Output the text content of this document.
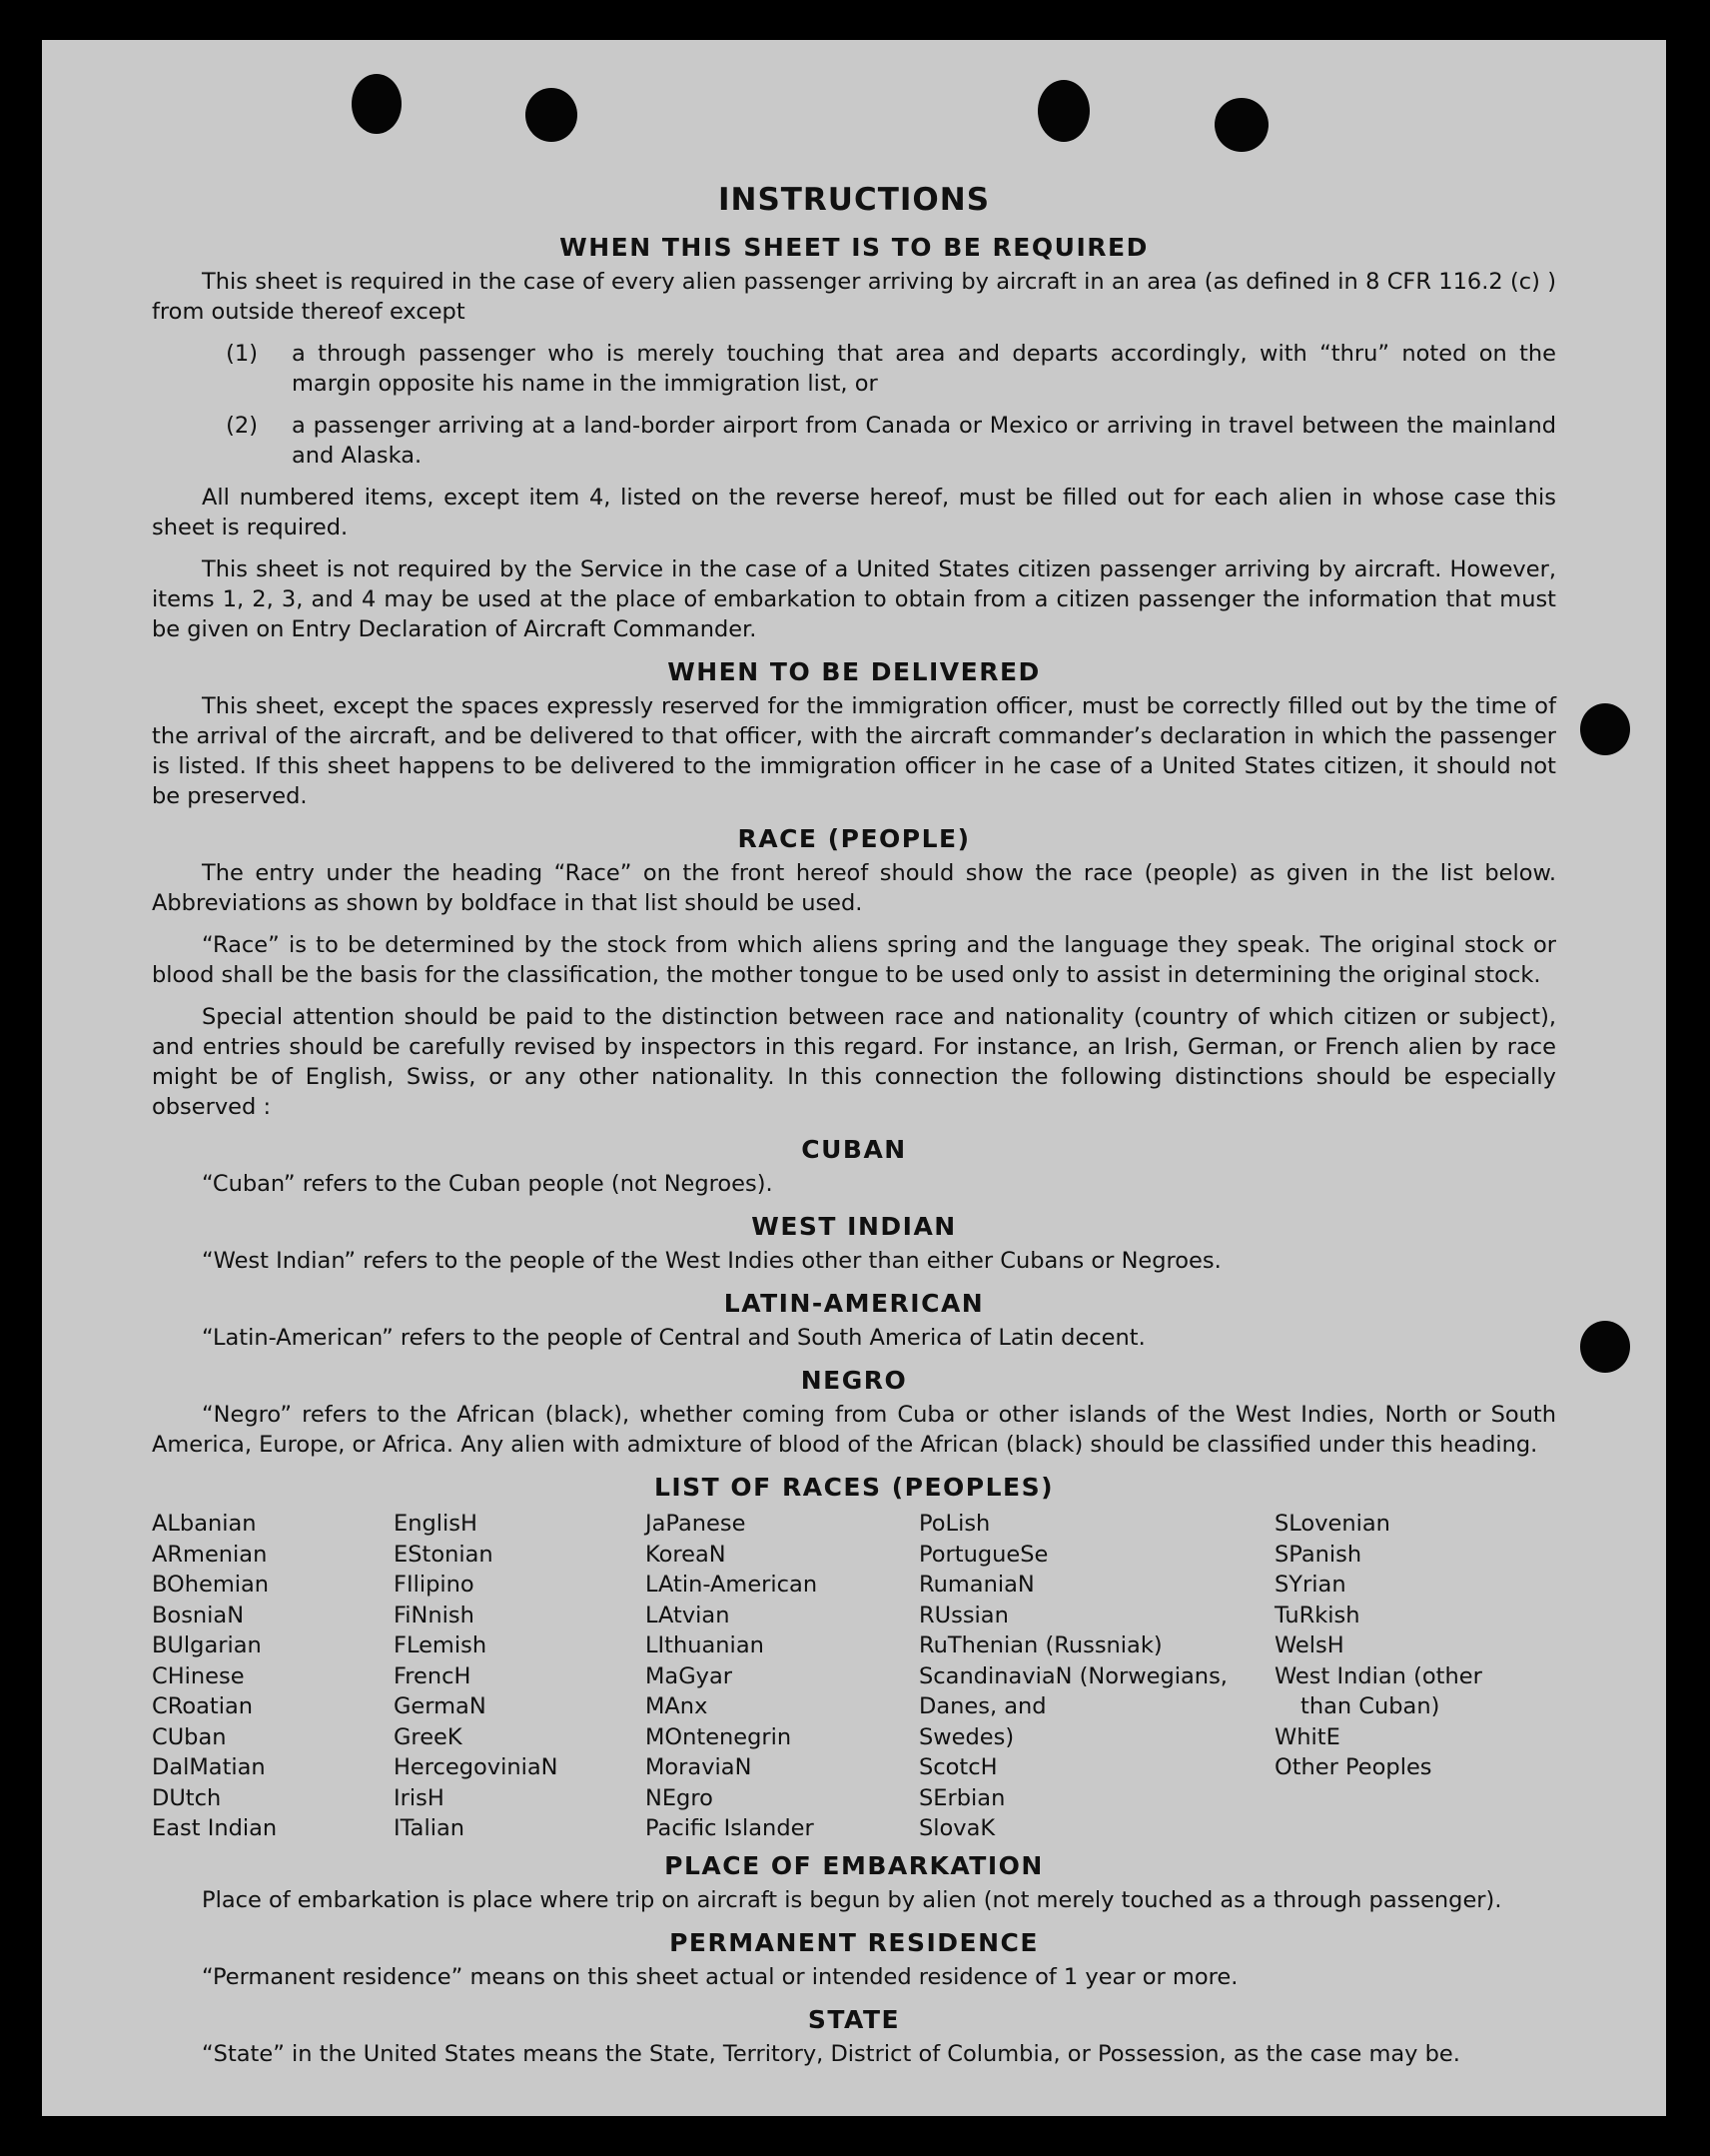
INSTRUCTIONS
WHEN THIS SHEET IS TO BE REQUIRED

This sheet is required in the case of every alien passenger arriving by aircraft in an area (as defined in 8 CFR 116.2 (c) ) from outside thereof except

(1)	a through passenger who is merely touching that area and departs accordingly, with “thru” noted on the margin opposite his name in the immigration list, or
(2)	a passenger arriving at a land-border airport from Canada or Mexico or arriving in travel between the mainland and Alaska.

All numbered items, except item 4, listed on the reverse hereof, must be filled out for each alien in whose case this sheet is required.

This sheet is not required by the Service in the case of a United States citizen passenger arriving by aircraft. However, items 1, 2, 3, and 4 may be used at the place of embarkation to obtain from a citizen passenger the information that must be given on Entry Declaration of Aircraft Commander.

WHEN TO BE DELIVERED

This sheet, except the spaces expressly reserved for the immigration officer, must be correctly filled out by the time of the arrival of the aircraft, and be delivered to that officer, with the aircraft commander’s declaration in which the passenger is listed. If this sheet happens to be delivered to the immigration officer in he case of a United States citizen, it should not be preserved.

RACE (PEOPLE)

The entry under the heading “Race” on the front hereof should show the race (people) as given in the list below. Abbreviations as shown by boldface in that list should be used.

“Race” is to be determined by the stock from which aliens spring and the language they speak. The original stock or blood shall be the basis for the classification, the mother tongue to be used only to assist in determining the original stock.

Special attention should be paid to the distinction between race and nationality (country of which citizen or subject), and entries should be carefully revised by inspectors in this regard. For instance, an Irish, German, or French alien by race might be of English, Swiss, or any other nationality. In this connection the following distinctions should be especially observed :

CUBAN

“Cuban” refers to the Cuban people (not Negroes).

WEST INDIAN

“West Indian” refers to the people of the West Indies other than either Cubans or Negroes.

LATIN-AMERICAN

“Latin-American” refers to the people of Central and South America of Latin decent.

NEGRO

“Negro” refers to the African (black), whether coming from Cuba or other islands of the West Indies, North or South America, Europe, or Africa. Any alien with admixture of blood of the African (black) should be classified under this heading.

LIST OF RACES (PEOPLES)
ALbanian
ARmenian
BOhemian
BosniaN
BUlgarian
CHinese
CRoatian
CUban
DalMatian
DUtch
East Indian
EnglisH
EStonian
FIlipino
FiNnish
FLemish
FrencH
GermaN
GreeK
HercegoviniaN
IrisH
ITalian
JaPanese
KoreaN
LAtin-American
LAtvian
LIthuanian
MaGyar
MAnx
MOntenegrin
MoraviaN
NEgro
Pacific Islander
PoLish
PortugueSe
RumaniaN
RUssian
RuThenian (Russniak)
ScandinaviaN (Norwegians,
Danes, and
Swedes)
ScotcH
SErbian
SlovaK
SLovenian
SPanish
SYrian
TuRkish
WelsH
West Indian (other
than Cuban)
WhitE
Other Peoples
PLACE OF EMBARKATION

Place of embarkation is place where trip on aircraft is begun by alien (not merely touched as a through passenger).

PERMANENT RESIDENCE

“Permanent residence” means on this sheet actual or intended residence of 1 year or more.

STATE

“State” in the United States means the State, Territory, District of Columbia, or Possession, as the case may be.
